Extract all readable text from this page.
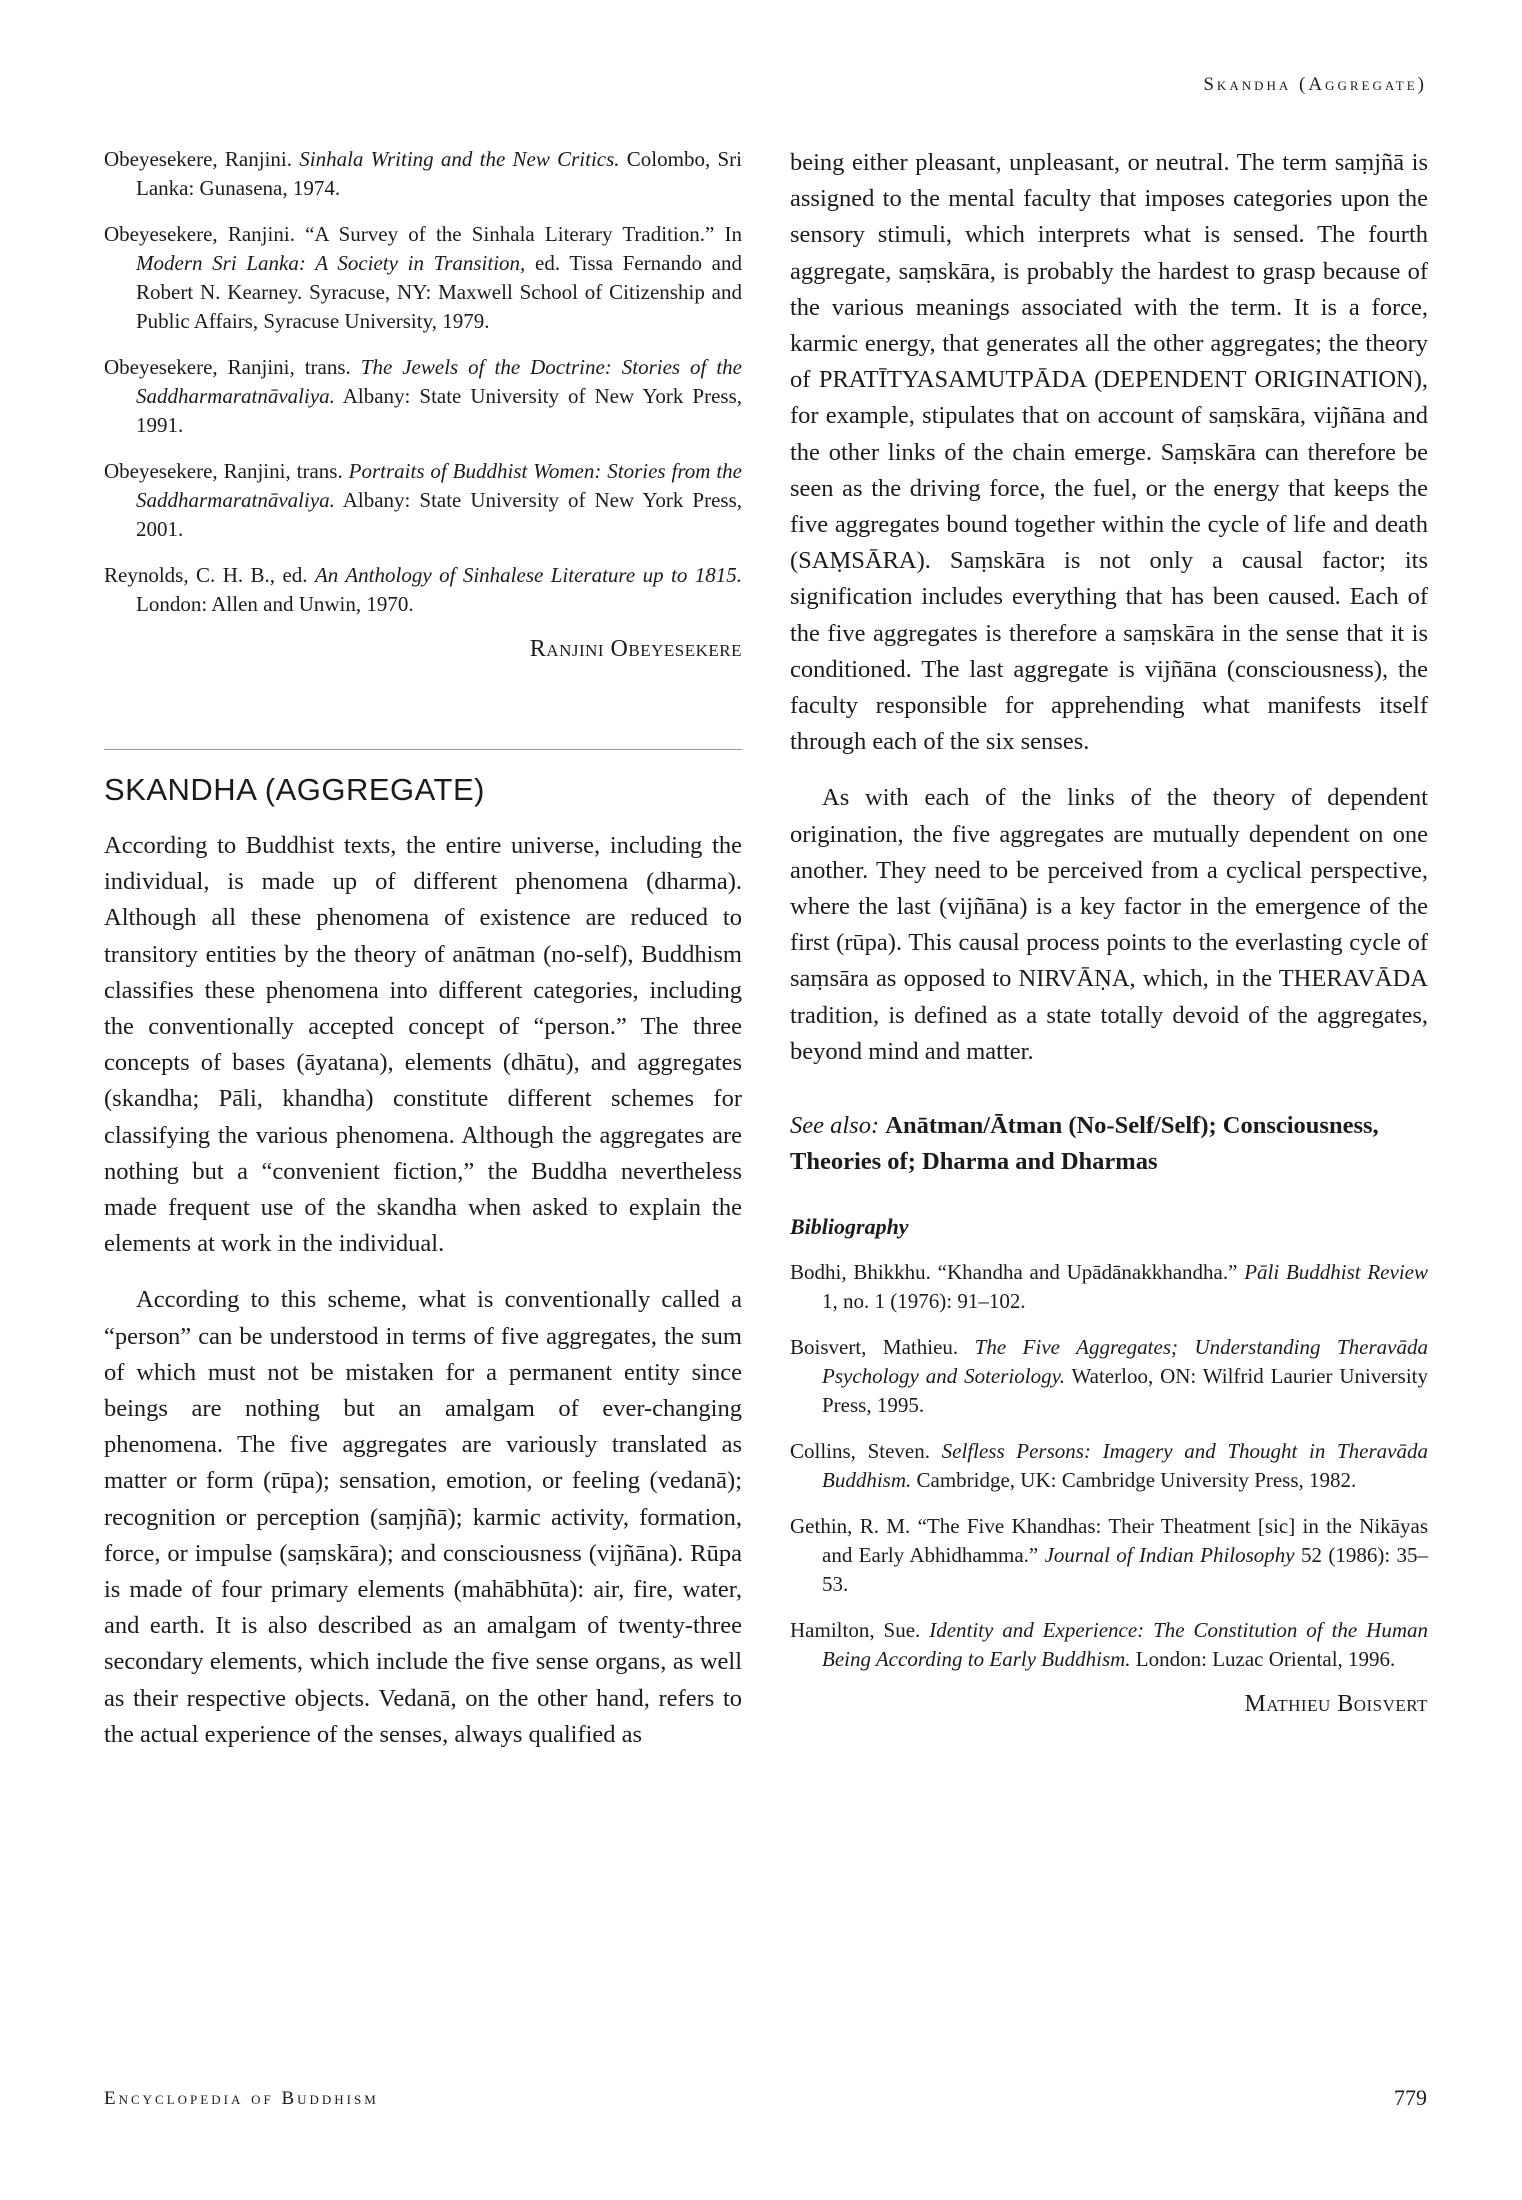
Skandha (Aggregate)

Obeyesekere, Ranjini. Sinhala Writing and the New Critics. Colombo, Sri Lanka: Gunasena, 1974.

Obeyesekere, Ranjini. “A Survey of the Sinhala Literary Tradition.” In Modern Sri Lanka: A Society in Transition, ed. Tissa Fernando and Robert N. Kearney. Syracuse, NY: Maxwell School of Citizenship and Public Affairs, Syracuse University, 1979.

Obeyesekere, Ranjini, trans. The Jewels of the Doctrine: Stories of the Saddharmaratnāvaliya. Albany: State University of New York Press, 1991.

Obeyesekere, Ranjini, trans. Portraits of Buddhist Women: Stories from the Saddharmaratnāvaliya. Albany: State University of New York Press, 2001.

Reynolds, C. H. B., ed. An Anthology of Sinhalese Literature up to 1815. London: Allen and Unwin, 1970.

Ranjini Obeyesekere

SKANDHA (AGGREGATE)

According to Buddhist texts, the entire universe, including the individual, is made up of different phenomena (dharma). Although all these phenomena of existence are reduced to transitory entities by the theory of anātman (no-self), Buddhism classifies these phenomena into different categories, including the conventionally accepted concept of “person.” The three concepts of bases (āyatana), elements (dhātu), and aggregates (skandha; Pāli, khandha) constitute different schemes for classifying the various phenomena. Although the aggregates are nothing but a “convenient fiction,” the Buddha nevertheless made frequent use of the skandha when asked to explain the elements at work in the individual.

According to this scheme, what is conventionally called a “person” can be understood in terms of five aggregates, the sum of which must not be mistaken for a permanent entity since beings are nothing but an amalgam of ever-changing phenomena. The five aggregates are variously translated as matter or form (rūpa); sensation, emotion, or feeling (vedanā); recognition or perception (saṃjñā); karmic activity, formation, force, or impulse (saṃskāra); and consciousness (vijñāna). Rūpa is made of four primary elements (mahābhūta): air, fire, water, and earth. It is also described as an amalgam of twenty-three secondary elements, which include the five sense organs, as well as their respective objects. Vedanā, on the other hand, refers to the actual experience of the senses, always qualified as

being either pleasant, unpleasant, or neutral. The term saṃjñā is assigned to the mental faculty that imposes categories upon the sensory stimuli, which interprets what is sensed. The fourth aggregate, saṃskāra, is probably the hardest to grasp because of the various meanings associated with the term. It is a force, karmic energy, that generates all the other aggregates; the theory of PRATĪTYASAMUTPĀDA (DEPENDENT ORIGINATION), for example, stipulates that on account of saṃskāra, vijñāna and the other links of the chain emerge. Saṃskāra can therefore be seen as the driving force, the fuel, or the energy that keeps the five aggregates bound together within the cycle of life and death (SAṂSĀRA). Saṃskāra is not only a causal factor; its signification includes everything that has been caused. Each of the five aggregates is therefore a saṃskāra in the sense that it is conditioned. The last aggregate is vijñāna (consciousness), the faculty responsible for apprehending what manifests itself through each of the six senses.

As with each of the links of the theory of dependent origination, the five aggregates are mutually dependent on one another. They need to be perceived from a cyclical perspective, where the last (vijñāna) is a key factor in the emergence of the first (rūpa). This causal process points to the everlasting cycle of saṃsāra as opposed to NIRVĀṆA, which, in the THERAVĀDA tradition, is defined as a state totally devoid of the aggregates, beyond mind and matter.

See also: Anātman/Ātman (No-Self/Self); Consciousness, Theories of; Dharma and Dharmas

Bibliography

Bodhi, Bhikkhu. “Khandha and Upādānakkhandha.” Pāli Buddhist Review 1, no. 1 (1976): 91–102.

Boisvert, Mathieu. The Five Aggregates; Understanding Theravāda Psychology and Soteriology. Waterloo, ON: Wilfrid Laurier University Press, 1995.

Collins, Steven. Selfless Persons: Imagery and Thought in Theravāda Buddhism. Cambridge, UK: Cambridge University Press, 1982.

Gethin, R. M. “The Five Khandhas: Their Theatment [sic] in the Nikāyas and Early Abhidhamma.” Journal of Indian Philosophy 52 (1986): 35–53.

Hamilton, Sue. Identity and Experience: The Constitution of the Human Being According to Early Buddhism. London: Luzac Oriental, 1996.

Mathieu Boisvert

Encyclopedia of Buddhism	779
